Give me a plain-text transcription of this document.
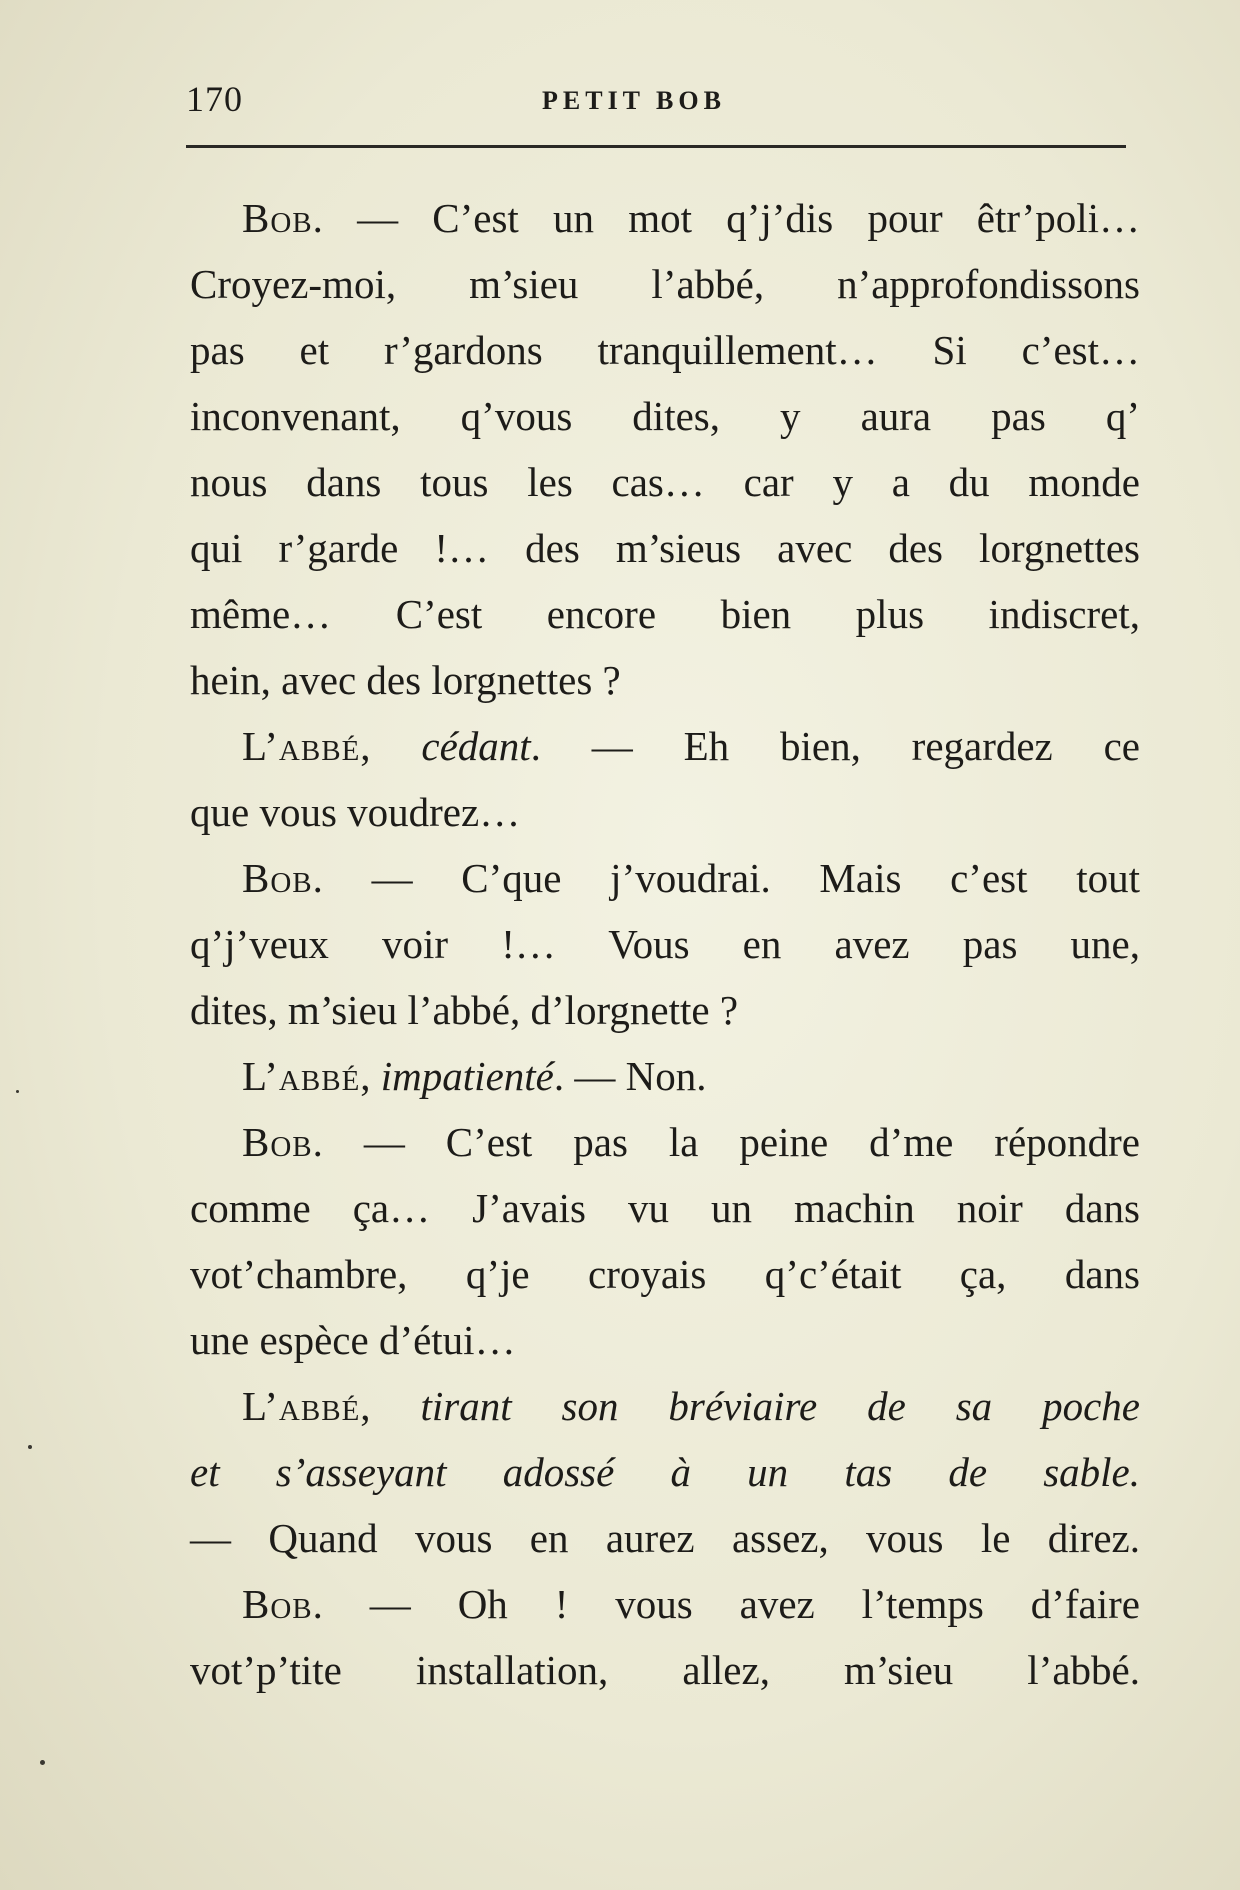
170	PETIT BOB
Bob. — C’est un mot q’j’dis pour êtr’poli…
Croyez-moi, m’sieu l’abbé, n’approfondissons
pas et r’gardons tranquillement… Si c’est…
inconvenant, q’vous dites, y aura pas q’
nous dans tous les cas… car y a du monde
qui r’garde !… des m’sieus avec des lorgnettes
même… C’est encore bien plus indiscret,
hein, avec des lorgnettes ?
L’abbé, cédant. — Eh bien, regardez ce
que vous voudrez…
Bob. — C’que j’voudrai. Mais c’est tout
q’j’veux voir !… Vous en avez pas une,
dites, m’sieu l’abbé, d’lorgnette ?
L’abbé, impatienté. — Non.
Bob. — C’est pas la peine d’me répondre
comme ça… J’avais vu un machin noir dans
vot’chambre, q’je croyais q’c’était ça, dans
une espèce d’étui…
L’abbé, tirant son bréviaire de sa poche
et s’asseyant adossé à un tas de sable.
— Quand vous en aurez assez, vous le direz.
Bob. — Oh ! vous avez l’temps d’faire
vot’p’tite installation, allez, m’sieu l’abbé.
